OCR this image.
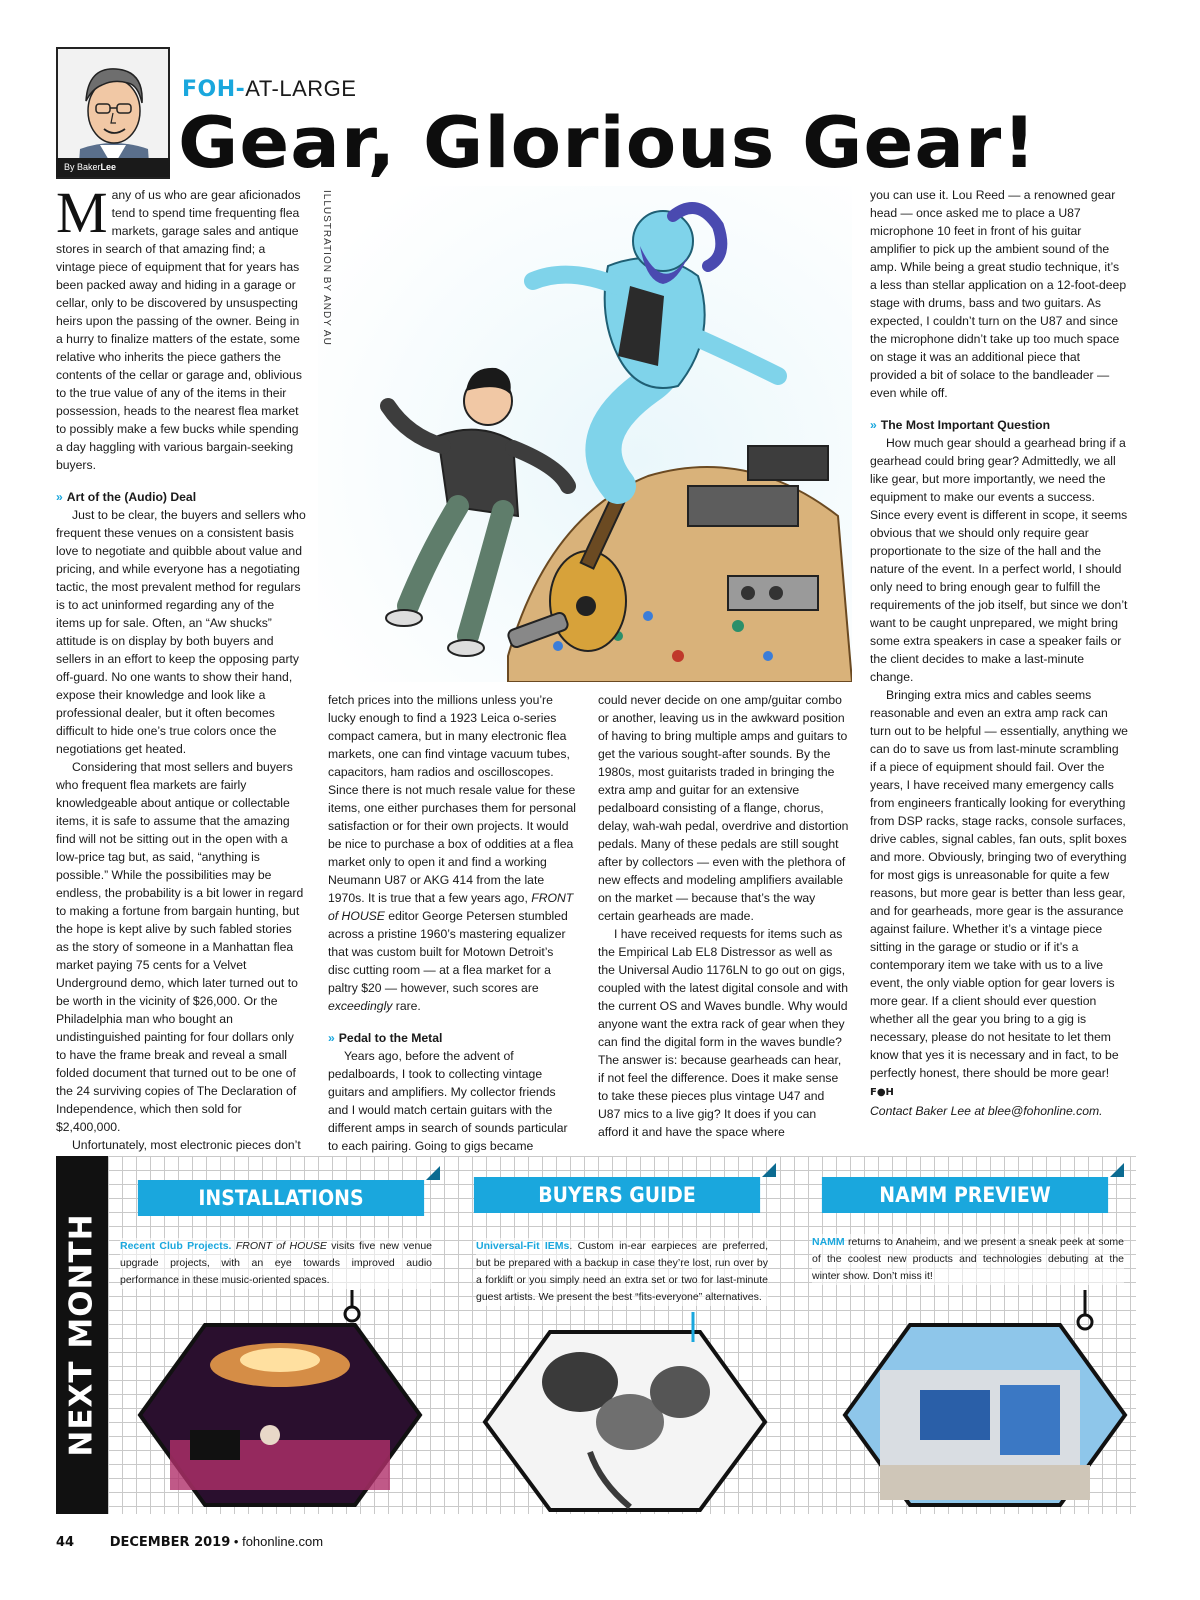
By BakerLee
FOH-AT-LARGE
Gear, Glorious Gear!

Many of us who are gear aficionados tend to spend time frequenting flea markets, garage sales and antique stores in search of that amazing find; a vintage piece of equipment that for years has been packed away and hiding in a garage or cellar, only to be discovered by unsuspecting heirs upon the passing of the owner. Being in a hurry to finalize matters of the estate, some relative who inherits the piece gathers the contents of the cellar or garage and, oblivious to the true value of any of the items in their possession, heads to the nearest flea market to possibly make a few bucks while spending a day haggling with various bargain-seeking buyers.

» Art of the (Audio) Deal

Just to be clear, the buyers and sellers who frequent these venues on a consistent basis love to negotiate and quibble about value and pricing, and while everyone has a negotiating tactic, the most prevalent method for regulars is to act uninformed regarding any of the items up for sale. Often, an “Aw shucks” attitude is on display by both buyers and sellers in an effort to keep the opposing party off-guard. No one wants to show their hand, expose their knowledge and look like a professional dealer, but it often becomes difficult to hide one’s true colors once the negotiations get heated.

Considering that most sellers and buyers who frequent flea markets are fairly knowledgeable about antique or collectable items, it is safe to assume that the amazing find will not be sitting out in the open with a low-price tag but, as said, “anything is possible.” While the possibilities may be endless, the probability is a bit lower in regard to making a fortune from bargain hunting, but the hope is kept alive by such fabled stories as the story of someone in a Manhattan flea market paying 75 cents for a Velvet Underground demo, which later turned out to be worth in the vicinity of $26,000. Or the Philadelphia man who bought an undistinguished painting for four dollars only to have the frame break and reveal a small folded document that turned out to be one of the 24 surviving copies of The Declaration of Independence, which then sold for $2,400,000.

Unfortunately, most electronic pieces don’t

ILLUSTRATION BY ANDY AU

fetch prices into the millions unless you’re lucky enough to find a 1923 Leica o-series compact camera, but in many electronic flea markets, one can find vintage vacuum tubes, capacitors, ham radios and oscilloscopes. Since there is not much resale value for these items, one either purchases them for personal satisfaction or for their own projects. It would be nice to purchase a box of oddities at a flea market only to open it and find a working Neumann U87 or AKG 414 from the late 1970s. It is true that a few years ago, FRONT of HOUSE editor George Petersen stumbled across a pristine 1960’s mastering equalizer that was custom built for Motown Detroit’s disc cutting room — at a flea market for a paltry $20 — however, such scores are exceedingly rare.

» Pedal to the Metal

Years ago, before the advent of pedalboards, I took to collecting vintage guitars and amplifiers. My collector friends and I would match certain guitars with the different amps in search of sounds particular to each pairing. Going to gigs became

could never decide on one amp/guitar combo or another, leaving us in the awkward position of having to bring multiple amps and guitars to get the various sought-after sounds. By the 1980s, most guitarists traded in bringing the extra amp and guitar for an extensive pedalboard consisting of a flange, chorus, delay, wah-wah pedal, overdrive and distortion pedals. Many of these pedals are still sought after by collectors — even with the plethora of new effects and modeling amplifiers available on the market — because that’s the way certain gearheads are made.

I have received requests for items such as the Empirical Lab EL8 Distressor as well as the Universal Audio 1176LN to go out on gigs, coupled with the latest digital console and with the current OS and Waves bundle. Why would anyone want the extra rack of gear when they can find the digital form in the waves bundle? The answer is: because gearheads can hear, if not feel the difference. Does it make sense to take these pieces plus vintage U47 and U87 mics to a live gig? It does if you can afford it and have the space where

you can use it. Lou Reed — a renowned gear head — once asked me to place a U87 microphone 10 feet in front of his guitar amplifier to pick up the ambient sound of the amp. While being a great studio technique, it’s a less than stellar application on a 12-foot-deep stage with drums, bass and two guitars. As expected, I couldn’t turn on the U87 and since the microphone didn’t take up too much space on stage it was an additional piece that provided a bit of solace to the bandleader — even while off.

» The Most Important Question

How much gear should a gearhead bring if a gearhead could bring gear? Admittedly, we all like gear, but more importantly, we need the equipment to make our events a success. Since every event is different in scope, it seems obvious that we should only require gear proportionate to the size of the hall and the nature of the event. In a perfect world, I should only need to bring enough gear to fulfill the requirements of the job itself, but since we don’t want to be caught unprepared, we might bring some extra speakers in case a speaker fails or the client decides to make a last-minute change.

Bringing extra mics and cables seems reasonable and even an extra amp rack can turn out to be helpful — essentially, anything we can do to save us from last-minute scrambling if a piece of equipment should fail. Over the years, I have received many emergency calls from engineers frantically looking for everything from DSP racks, stage racks, console surfaces, drive cables, signal cables, fan outs, split boxes and more. Obviously, bringing two of everything for most gigs is unreasonable for quite a few reasons, but more gear is better than less gear, and for gearheads, more gear is the assurance against failure. Whether it’s a vintage piece sitting in the garage or studio or if it’s a contemporary item we take with us to a live event, the only viable option for gear lovers is more gear. If a client should ever question whether all the gear you bring to a gig is necessary, please do not hesitate to let them know that yes it is necessary and in fact, to be perfectly honest, there should be more gear! F●H

Contact Baker Lee at blee@fohonline.com.

NEXT MONTH
INSTALLATIONS
Recent Club Projects. FRONT of HOUSE visits five new venue upgrade projects, with an eye towards improved audio performance in these music-oriented spaces.
BUYERS GUIDE
Universal-Fit IEMs. Custom in-ear earpieces are preferred, but be prepared with a backup in case they’re lost, run over by a forklift or you simply need an extra set or two for last-minute guest artists. We present the best “fits-everyone” alternatives.
NAMM PREVIEW
NAMM returns to Anaheim, and we present a sneak peek at some of the coolest new products and technologies debuting at the winter show. Don’t miss it!
44	DECEMBER 2019 • fohonline.com
